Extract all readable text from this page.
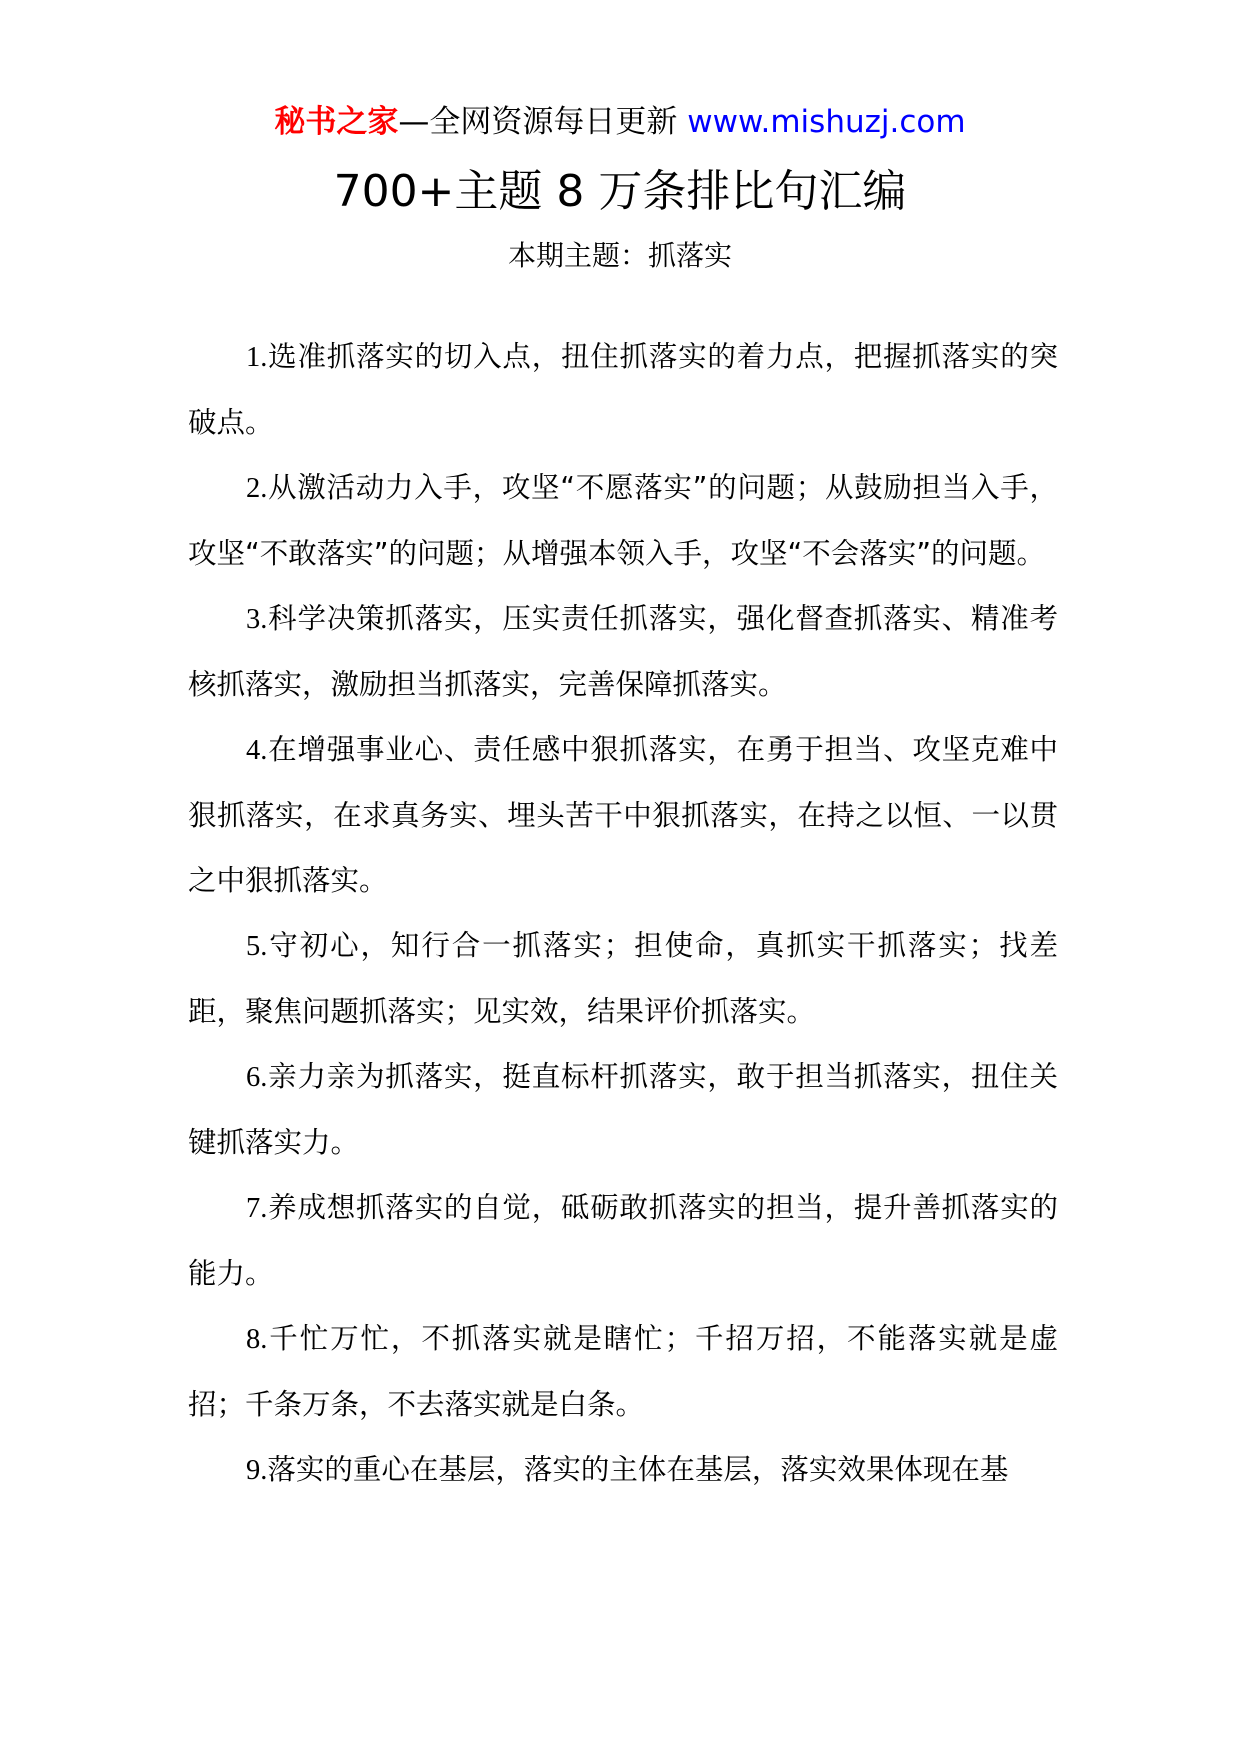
秘书之家—全网资源每日更新 www.mishuzj.com
700+主题 8 万条排比句汇编
本期主题：抓落实

1.选准抓落实的切入点，扭住抓落实的着力点，把握抓落实的突破点。

2.从激活动力入手，攻坚“不愿落实”的问题；从鼓励担当入手，攻坚“不敢落实”的问题；从增强本领入手，攻坚“不会落实”的问题。

3.科学决策抓落实，压实责任抓落实，强化督查抓落实、精准考核抓落实，激励担当抓落实，完善保障抓落实。

4.在增强事业心、责任感中狠抓落实，在勇于担当、攻坚克难中狠抓落实，在求真务实、埋头苦干中狠抓落实，在持之以恒、一以贯之中狠抓落实。

5.守初心，知行合一抓落实；担使命，真抓实干抓落实；找差距，聚焦问题抓落实；见实效，结果评价抓落实。

6.亲力亲为抓落实，挺直标杆抓落实，敢于担当抓落实，扭住关键抓落实力。

7.养成想抓落实的自觉，砥砺敢抓落实的担当，提升善抓落实的能力。

8.千忙万忙，不抓落实就是瞎忙；千招万招，不能落实就是虚招；千条万条，不去落实就是白条。

9.落实的重心在基层，落实的主体在基层，落实效果体现在基
